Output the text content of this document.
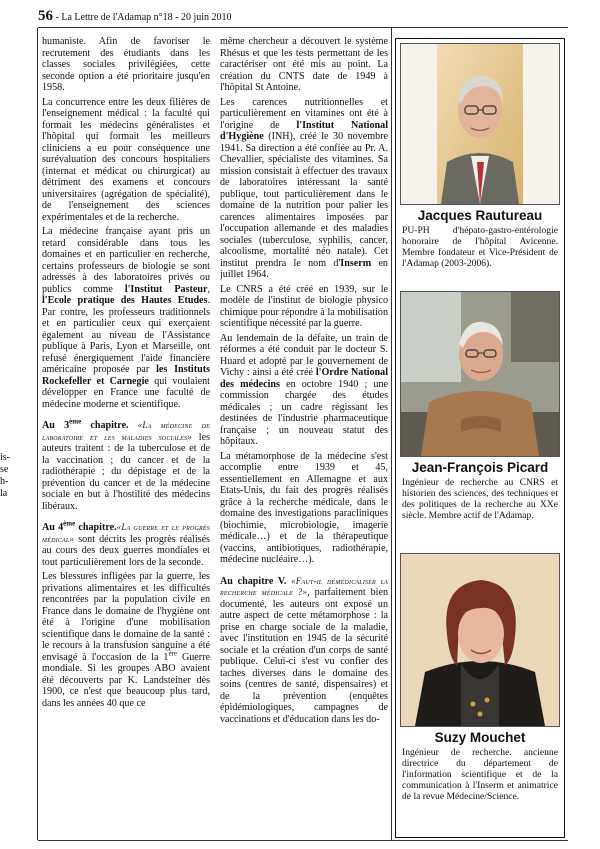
56 - La Lettre de l'Adamap n°18 - 20 juin 2010
is-
se
h-
la

humaniste. Afin de favoriser le recrutement des étudiants dans les classes sociales privilégiées, cette seconde option a été prioritaire jusqu'en 1958.

La concurrence entre les deux filières de l'enseignement médical : la faculté qui formait les médecins généralistes et l'hôpital qui formait les meilleurs cliniciens a eu pour conséquence une surévaluation des concours hospitaliers (internat et médicat ou chirurgicat) au détriment des examens et concours universitaires (agrégation de spécialité), de l'enseignement des sciences expérimentales et de la recherche.

La médecine française ayant pris un retard considérable dans tous les domaines et en particulier en recherche, certains professeurs de biologie se sont adressés à des laboratoires privés ou publics comme l'Institut Pasteur, l'Ecole pratique des Hautes Etudes. Par contre, les professeurs traditionnels et en particulier ceux qui exerçaient également au niveau de l'Assistance publique à Paris, Lyon et Marseille, ont refusé énergiquement l'aide financière américaine proposée par les Instituts Rockefeller et Carnegie qui voulaient développer en France une faculté de médecine moderne et scientifique.

Au 3ème chapitre. «La médecine de laboratoire et les maladies sociales» les auteurs traitent : de la tuberculose et de la vaccination ; du cancer et de la radiothérapie ; du dépistage et de la prévention du cancer et de la médecine sociale en but à l'hostilité des médecins libéraux.

Au 4ème chapitre.«La guerre et le progrès médical» sont décrits les progrès réalisés au cours des deux guerres mondiales et tout particulièrement lors de la seconde.

Les blessures infligées par la guerre, les privations alimentaires et les difficultés rencontrées par la population civile en France dans le domaine de l'hygiène ont été à l'origine d'une mobilisation scientifique dans le domaine de la santé : le recours à la transfusion sanguine a été envisagé à l'occasion de la 1ère Guerre mondiale. Si les groupes ABO avaient été découverts par K. Landsteiner dès 1900, ce n'est que beaucoup plus tard, dans les années 40 que ce

même chercheur a découvert le système Rhésus et que les tests permettant de les caractériser ont été mis au point. La création du CNTS date de 1949 à l'hôpital St Antoine.

Les carences nutritionnelles et particulièrement en vitamines ont été à l'origine de l'Institut National d'Hygiène (INH), créé le 30 novembre 1941. Sa direction a été confiée au Pr. A. Chevallier, spécialiste des vitamines. Sa mission consistait à effectuer des travaux de laboratoires intéressant la santé publique, tout particulièrement dans le domaine de la nutrition pour palier les carences alimentaires imposées par l'occupation allemande et des maladies sociales (tuberculose, syphilis, cancer, alcoolisme, mortalité néo natale). Cet institut prendra le nom d'Inserm en juillet 1964.

Le CNRS a été créé en 1939, sur le modèle de l'institut de biologie physico chimique pour répondre à la mobilisation scientifique nécessité par la guerre.

Au lendemain de la défaite, un train de réformes a été conduit par le docteur S. Huard et adopté par le gouvernement de Vichy : ainsi a été créé l'Ordre National des médecins en octobre 1940 ; une commission chargée des études médicales ; un cadre régissant les destinées de l'industrie pharmaceutique française ; un nouveau statut des hôpitaux.

La métamorphose de la médecine s'est accomplie entre 1939 et 45, essentiellement en Allemagne et aux Etats-Unis, du fait des progrès réalisés grâce à la recherche médicale, dans le domaine des investigations paracliniques (biochimie, microbiologie, imagerie médicale…) et de la thérapeutique (vaccins, antibiotiques, radiothérapie, médecine nucléaire…).

Au chapitre V. «Faut-il démédicaliser la recherche médicale ?», parfaitement bien documenté, les auteurs ont exposé un autre aspect de cette métamorphose : la prise en charge sociale de la maladie, avec l'institution en 1945 de la sécurité sociale et la création d'un corps de santé publique. Celui-ci s'est vu confier des taches diverses dans le domaine des soins (centres de santé, dispensaires) et de la prévention (enquêtes épidémiologiques, campagnes de vaccinations et d'éducation dans les do-

Jacques Rautureau
PU-PH d'hépato-gastro-entérologie honoraire de l'hôpital Avicenne. Membre fondateur et Vice-Président de l'Adamap (2003-2006).
Jean-François Picard
Ingénieur de recherche au CNRS et historien des sciences, des techniques et des politiques de la recherche au XXe siècle. Membre actif de l'Adamap.
Suzy Mouchet
Ingénieur de recherche. ancienne directrice du département de l'information scientifique et de la communication à l'Inserm et animatrice de la revue Médecine/Science.
